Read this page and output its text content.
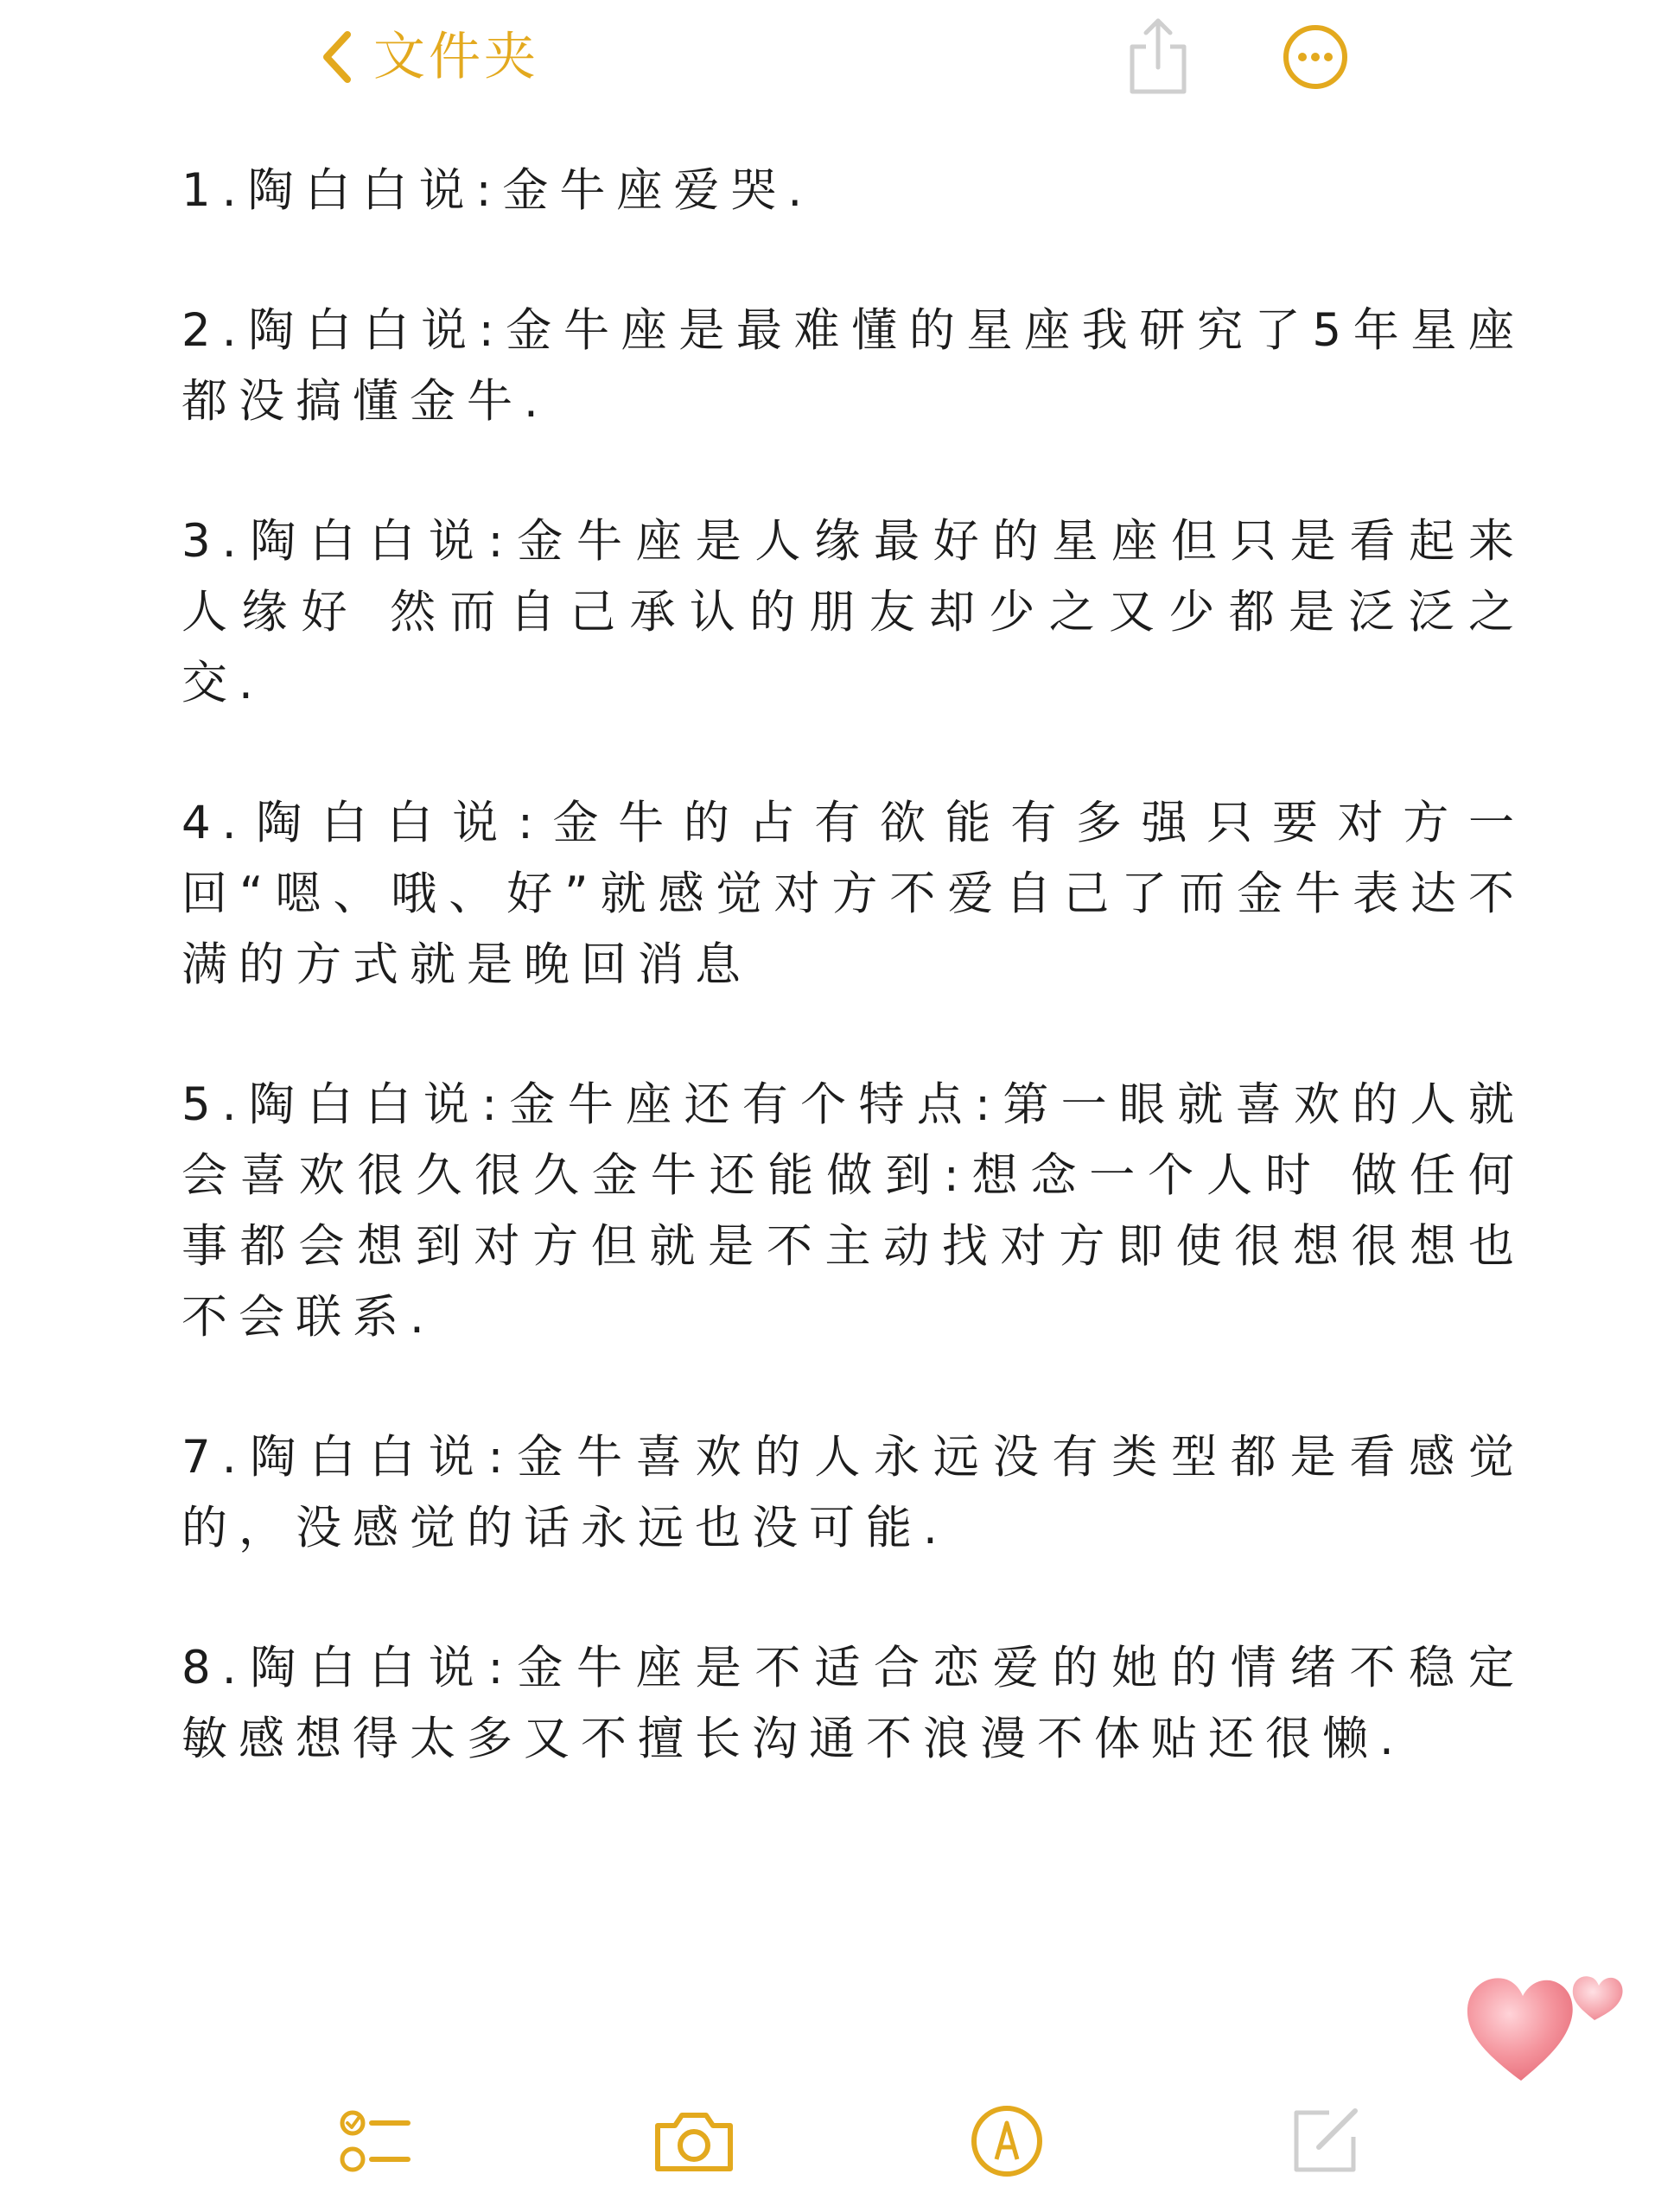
文件夹

1.陶白白说:金牛座爱哭.

2.陶白白说:金牛座是最难懂的星座我研究了5年星座都没搞懂金牛.

3.陶白白说:金牛座是人缘最好的星座但只是看起来人缘好 然而自己承认的朋友却少之又少都是泛泛之交.

4.陶白白说:金牛的占有欲能有多强只要对方一回“嗯、哦、好”就感觉对方不爱自己了而金牛表达不满的方式就是晚回消息

5.陶白白说:金牛座还有个特点:第一眼就喜欢的人就会喜欢很久很久金牛还能做到:想念一个人时 做任何事都会想到对方但就是不主动找对方即使很想很想也不会联系.

7.陶白白说:金牛喜欢的人永远没有类型都是看感觉的，没感觉的话永远也没可能.

8.陶白白说:金牛座是不适合恋爱的她的情绪不稳定敏感想得太多又不擅长沟通不浪漫不体贴还很懒.
